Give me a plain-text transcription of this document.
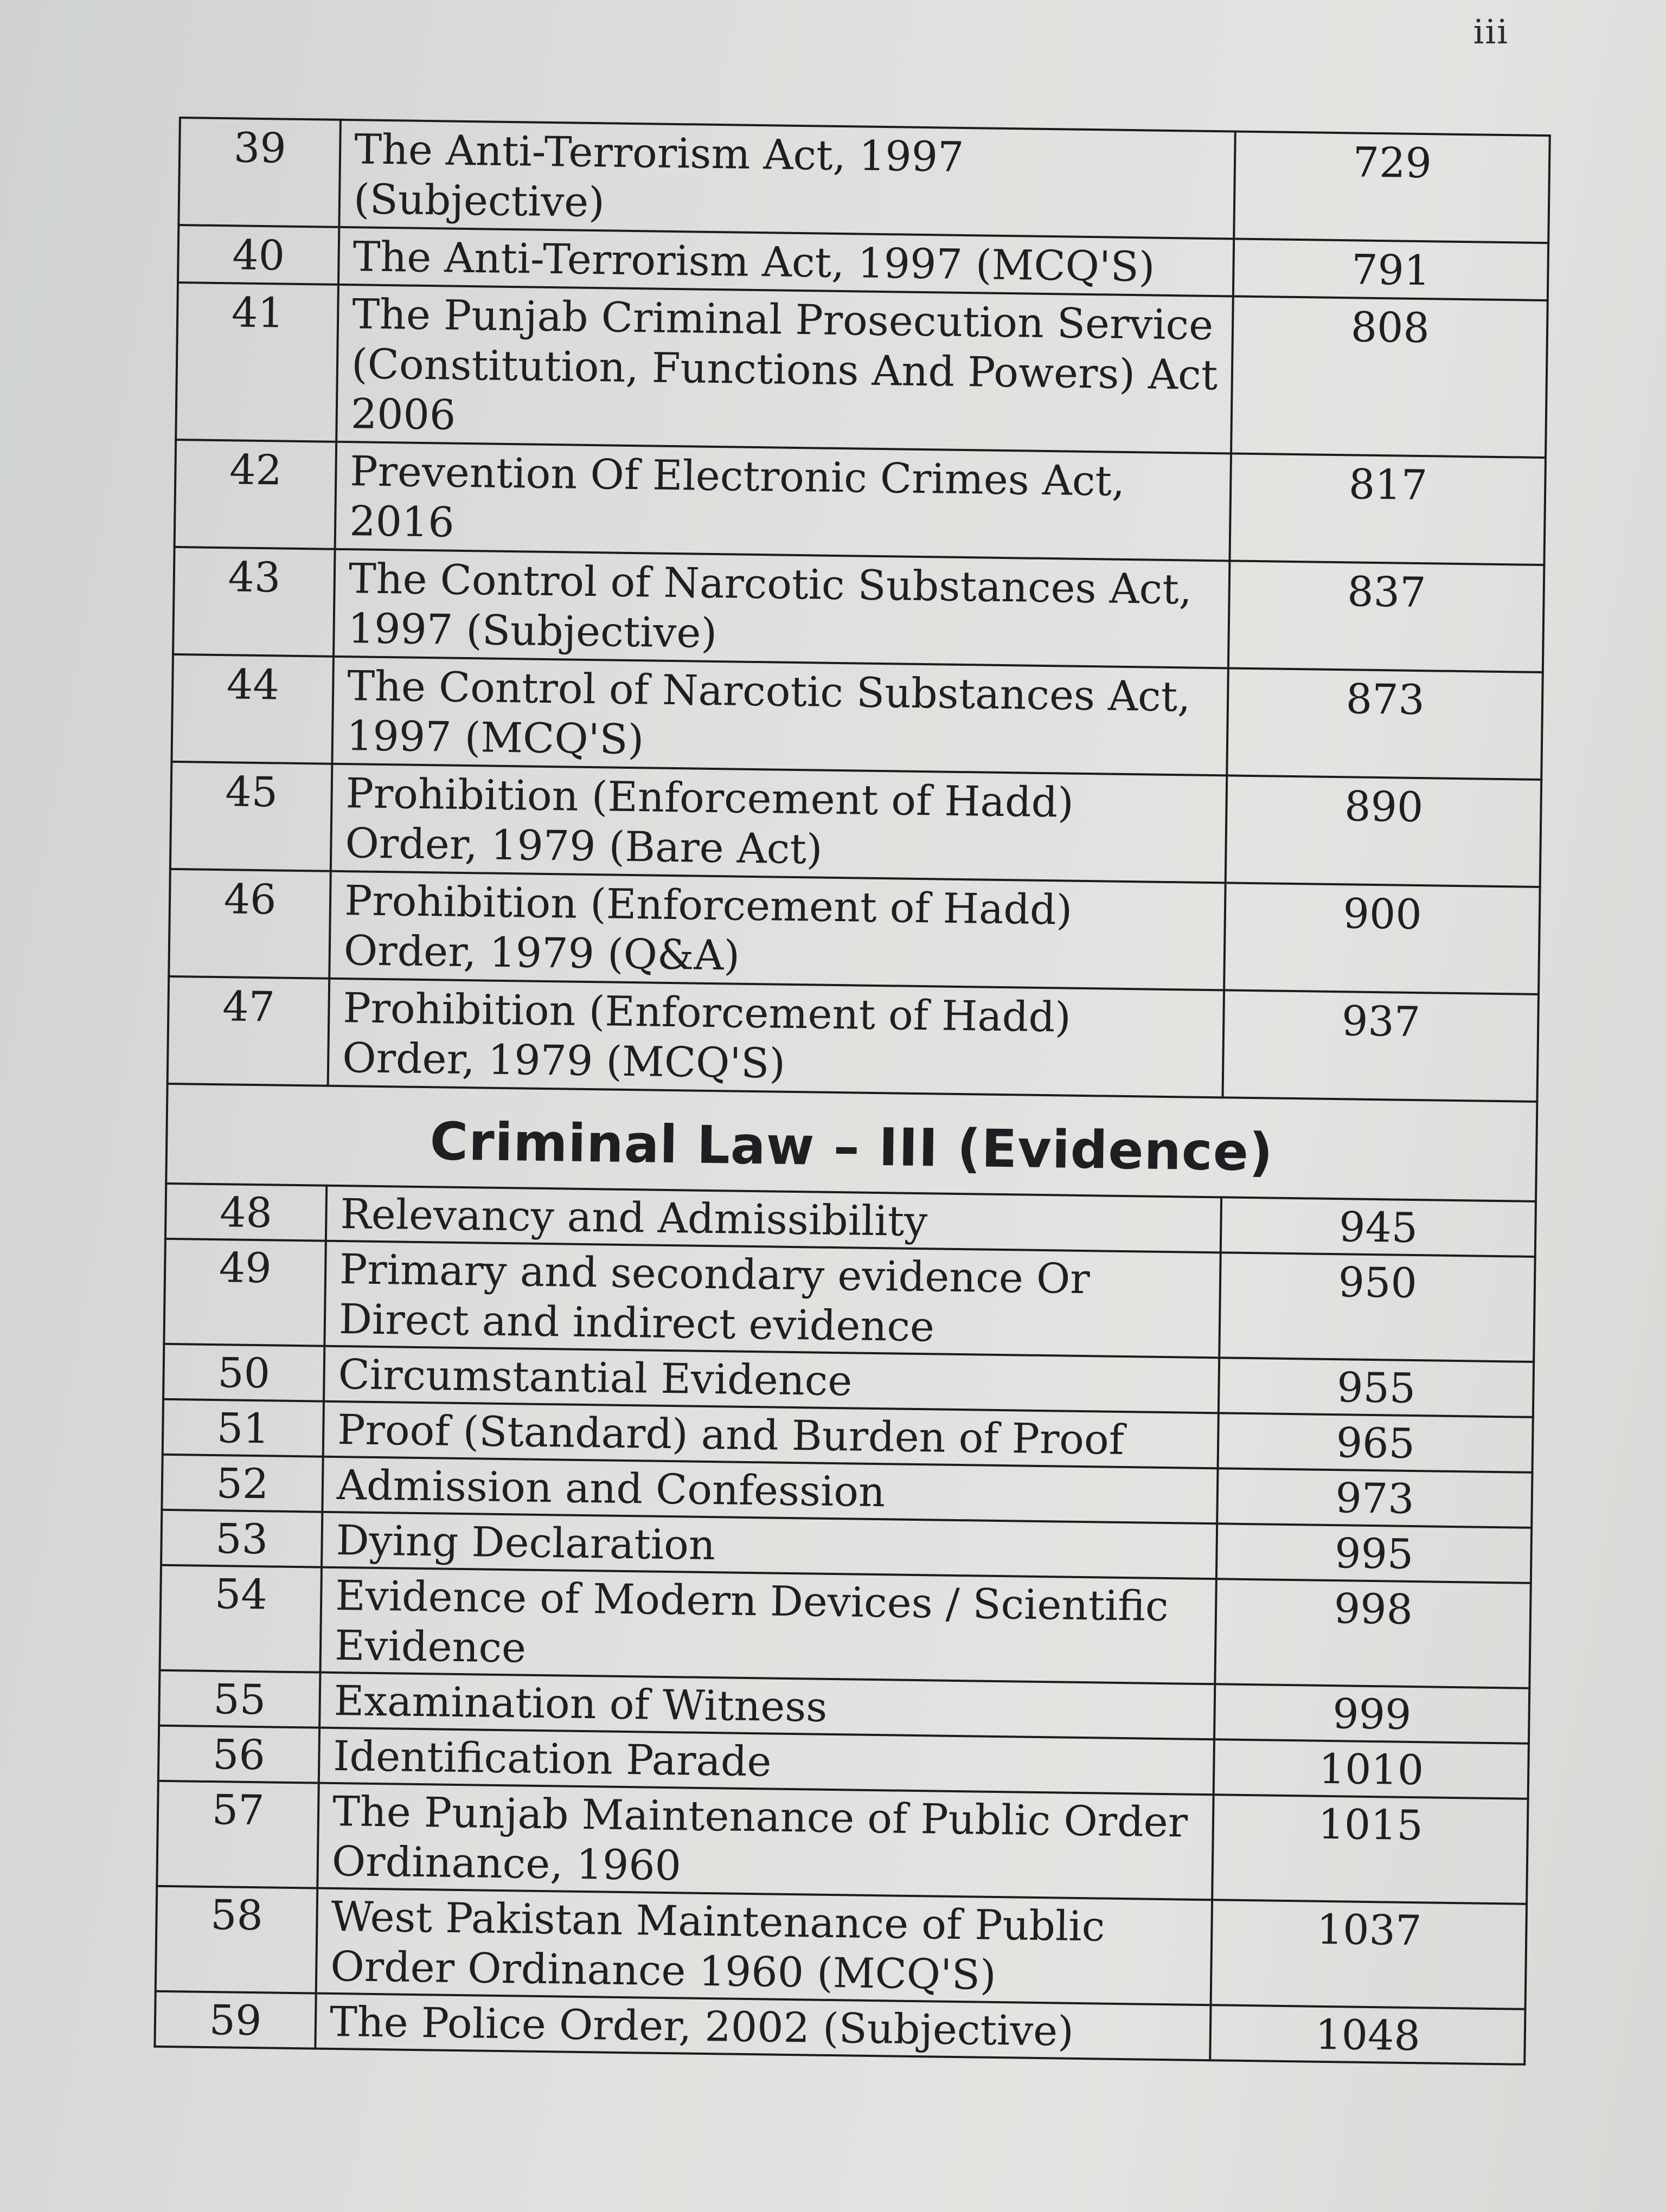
iii
39	The Anti-Terrorism Act, 1997 (Subjective)	729
40	The Anti-Terrorism Act, 1997 (MCQ'S)	791
41	The Punjab Criminal Prosecution Service (Constitution, Functions And Powers) Act 2006	808
42	Prevention Of Electronic Crimes Act, 2016	817
43	The Control of Narcotic Substances Act, 1997 (Subjective)	837
44	The Control of Narcotic Substances Act, 1997 (MCQ'S)	873
45	Prohibition (Enforcement of Hadd) Order, 1979 (Bare Act)	890
46	Prohibition (Enforcement of Hadd) Order, 1979 (Q&A)	900
47	Prohibition (Enforcement of Hadd) Order, 1979 (MCQ'S)	937
Criminal Law – III (Evidence)		
48	Relevancy and Admissibility	945
49	Primary and secondary evidence Or Direct and indirect evidence	950
50	Circumstantial Evidence	955
51	Proof (Standard) and Burden of Proof	965
52	Admission and Confession	973
53	Dying Declaration	995
54	Evidence of Modern Devices / Scientific Evidence	998
55	Examination of Witness	999
56	Identification Parade	1010
57	The Punjab Maintenance of Public Order Ordinance, 1960	1015
58	West Pakistan Maintenance of Public Order Ordinance 1960 (MCQ'S)	1037
59	The Police Order, 2002 (Subjective)	1048
